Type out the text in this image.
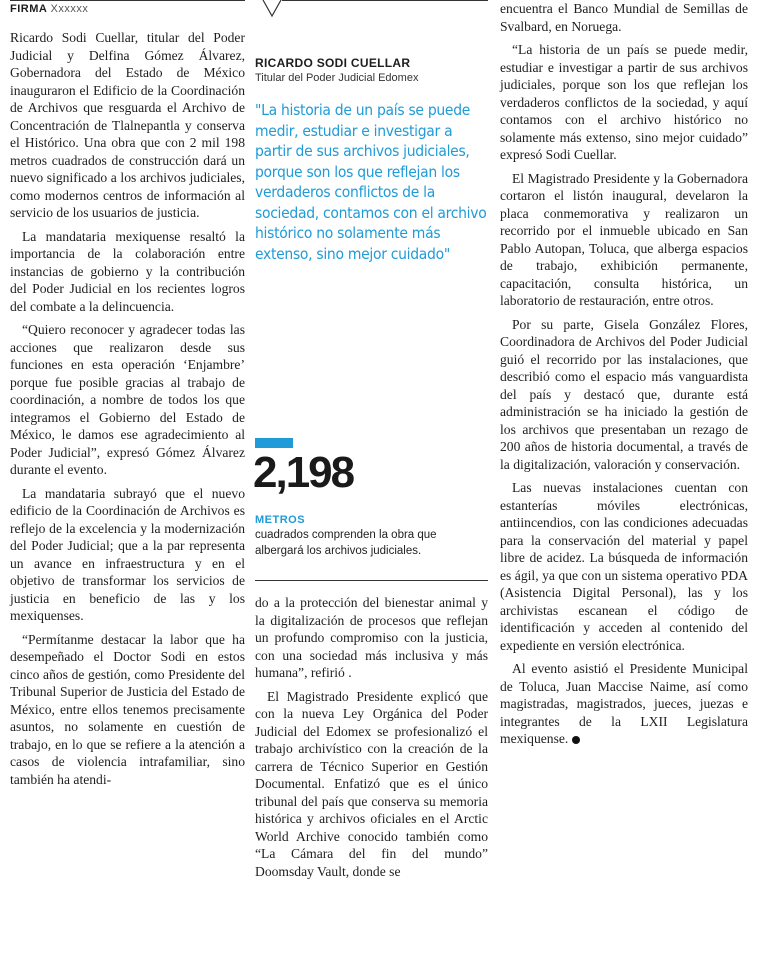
FIRMA Xxxxxx

Ricardo Sodi Cuellar, titular del Poder Judicial y Delfina Gómez Álvarez, Gobernadora del Estado de México inauguraron el Edificio de la Coordinación de Archivos que resguarda el Archivo de Concentración de Tlalnepantla y conserva el Histórico. Una obra que con 2 mil 198 metros cuadrados de construcción dará un nuevo significado a los archivos judiciales, como modernos centros de información al servicio de los usuarios de justicia.

La mandataria mexiquense resaltó la importancia de la colaboración entre instancias de gobierno y la contribución del Poder Judicial en los recientes logros del combate a la delincuencia.

“Quiero reconocer y agradecer todas las acciones que realizaron desde sus funciones en esta operación ‘Enjambre’ porque fue posible gracias al trabajo de coordinación, a nombre de todos los que integramos el Gobierno del Estado de México, le damos ese agradecimiento al Poder Judicial”, expresó Gómez Álvarez durante el evento.

La mandataria subrayó que el nuevo edificio de la Coordinación de Archivos es reflejo de la excelencia y la modernización del Poder Judicial; que a la par representa un avance en infraestructura y en el objetivo de transformar los servicios de justicia en beneficio de las y los mexiquenses.

“Permítanme destacar la labor que ha desempeñado el Doctor Sodi en estos cinco años de gestión, como Presidente del Tribunal Superior de Justicia del Estado de México, entre ellos tenemos precisamente asuntos, no solamente en cuestión de trabajo, en lo que se refiere a la atención a casos de violencia intrafamiliar, sino también ha atendi-

RICARDO SODI CUELLAR
Titular del Poder Judicial Edomex
"La historia de un país se puede medir, estudiar e investigar a partir de sus archivos judiciales, porque son los que reflejan los verdaderos conflictos de la sociedad, contamos con el archivo histórico no solamente más extenso, sino mejor cuidado"
2,198
METROS
cuadrados comprenden la obra que albergará los archivos judiciales.

do a la protección del bienestar animal y la digitalización de procesos que reflejan un profundo compromiso con la justicia, con una sociedad más inclusiva y más humana”, refirió .

El Magistrado Presidente explicó que con la nueva Ley Orgánica del Poder Judicial del Edomex se profesionalizó el trabajo archivístico con la creación de la carrera de Técnico Superior en Gestión Documental. Enfatizó que es el único tribunal del país que conserva su memoria histórica y archivos oficiales en el Arctic World Archive conocido también como “La Cámara del fin del mundo” Doomsday Vault, donde se

encuentra el Banco Mundial de Semillas de Svalbard, en Noruega.

“La historia de un país se puede medir, estudiar e investigar a partir de sus archivos judiciales, porque son los que reflejan los verdaderos conflictos de la sociedad, y aquí contamos con el archivo histórico no solamente más extenso, sino mejor cuidado” expresó Sodi Cuellar.

El Magistrado Presidente y la Gobernadora cortaron el listón inaugural, develaron la placa conmemorativa y realizaron un recorrido por el inmueble ubicado en San Pablo Autopan, Toluca, que alberga espacios de trabajo, exhibición permanente, capacitación, consulta histórica, un laboratorio de restauración, entre otros.

Por su parte, Gisela González Flores, Coordinadora de Archivos del Poder Judicial guió el recorrido por las instalaciones, que describió como el espacio más vanguardista del país y destacó que, durante está administración se ha iniciado la gestión de los archivos que presentaban un rezago de 200 años de historia documental, a través de la digitalización, valoración y conservación.

Las nuevas instalaciones cuentan con estanterías móviles electrónicas, antiincendios, con las condiciones adecuadas para la conservación del material y papel libre de acidez. La búsqueda de información es ágil, ya que con un sistema operativo PDA (Asistencia Digital Personal), las y los archivistas escanean el código de identificación y acceden al contenido del expediente en versión electrónica.

Al evento asistió el Presidente Municipal de Toluca, Juan Maccise Naime, así como magistradas, magistrados, jueces, juezas e integrantes de la LXII Legislatura mexiquense.
